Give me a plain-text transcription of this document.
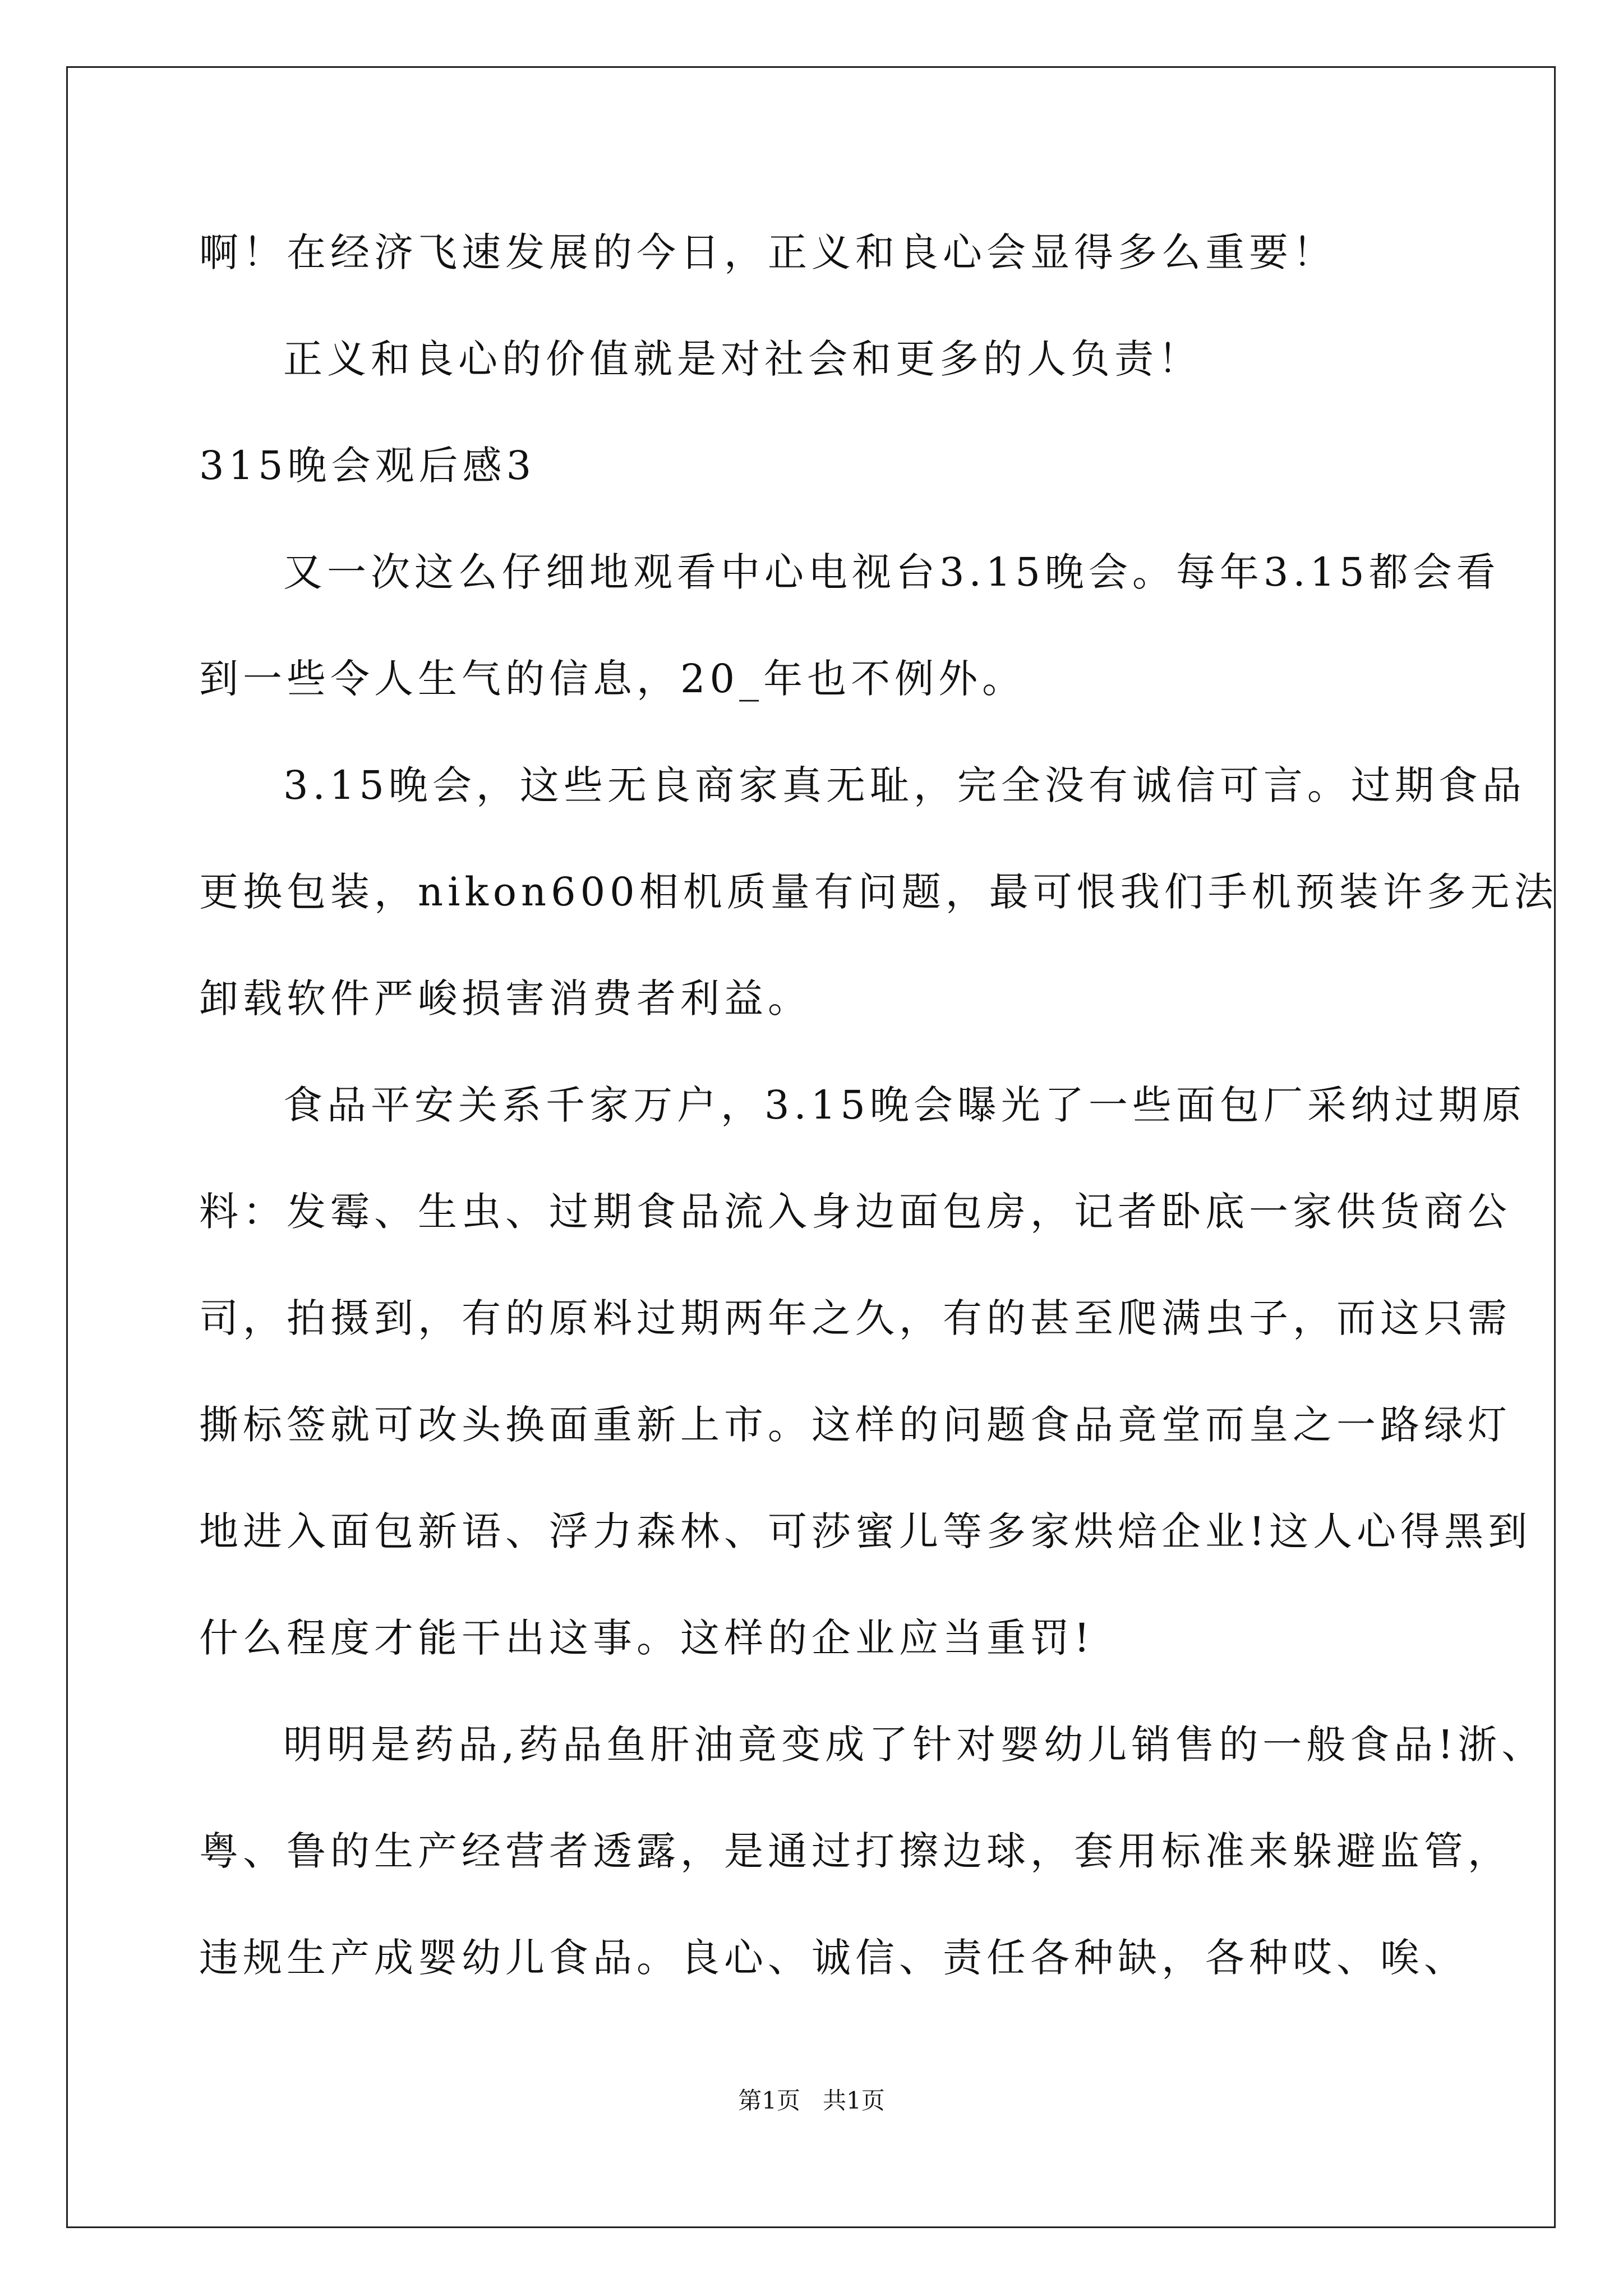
啊！在经济飞速发展的今日，正义和良心会显得多么重要！

正义和良心的价值就是对社会和更多的人负责！

315晚会观后感3

又一次这么仔细地观看中心电视台3.15晚会。每年3.15都会看

到一些令人生气的信息，20_年也不例外。

3.15晚会，这些无良商家真无耻，完全没有诚信可言。过期食品

更换包装，nikon600相机质量有问题，最可恨我们手机预装许多无法

卸载软件严峻损害消费者利益。

食品平安关系千家万户，3.15晚会曝光了一些面包厂采纳过期原

料：发霉、生虫、过期食品流入身边面包房，记者卧底一家供货商公

司，拍摄到，有的原料过期两年之久，有的甚至爬满虫子，而这只需

撕标签就可改头换面重新上市。这样的问题食品竟堂而皇之一路绿灯

地进入面包新语、浮力森林、可莎蜜儿等多家烘焙企业!这人心得黑到

什么程度才能干出这事。这样的企业应当重罚!

明明是药品,药品鱼肝油竟变成了针对婴幼儿销售的一般食品!浙、

粤、鲁的生产经营者透露，是通过打擦边球，套用标准来躲避监管，

违规生产成婴幼儿食品。良心、诚信、责任各种缺，各种哎、唉、

第1页   共1页
